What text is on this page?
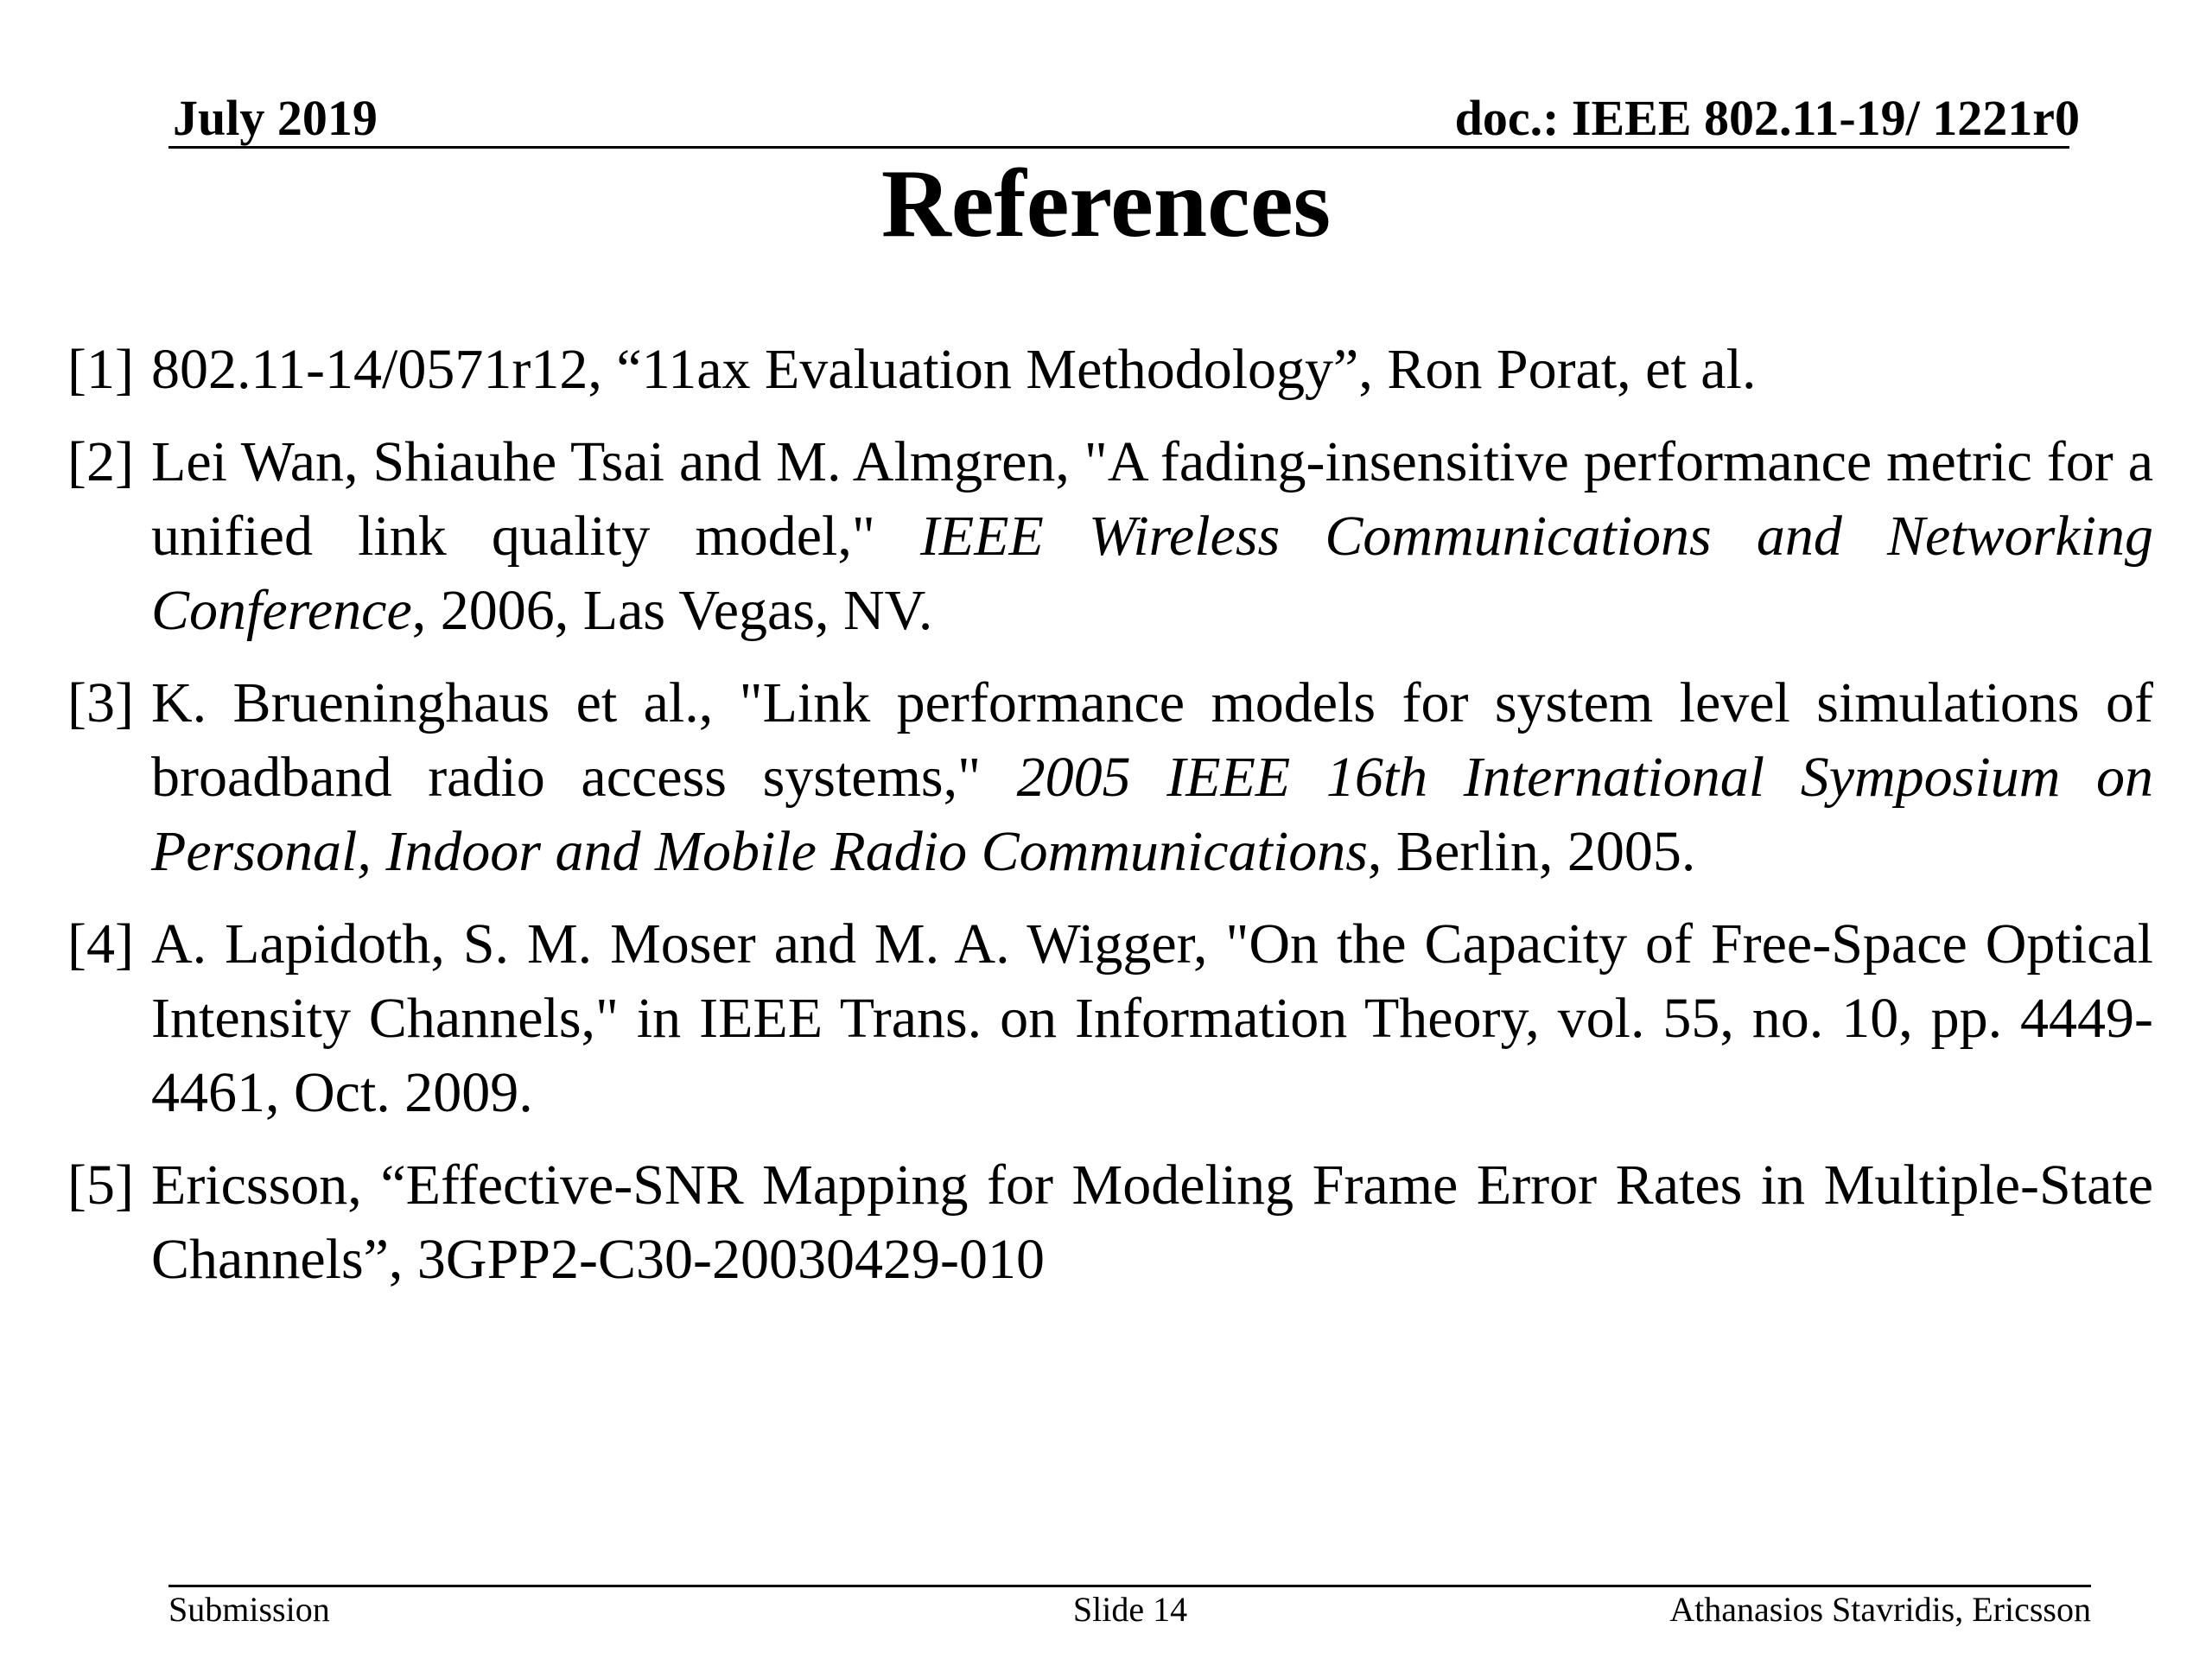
July 2019	doc.: IEEE 802.11-19/ 1221r0
References
[1] 802.11-14/0571r12, “11ax Evaluation Methodology”, Ron Porat, et al.
[2] Lei Wan, Shiauhe Tsai and M. Almgren, "A fading-insensitive performance metric for a unified link quality model," IEEE Wireless Communications and Networking Conference, 2006, Las Vegas, NV.
[3] K. Brueninghaus et al., "Link performance models for system level simulations of broadband radio access systems," 2005 IEEE 16th International Symposium on Personal, Indoor and Mobile Radio Communications, Berlin, 2005.
[4] A. Lapidoth, S. M. Moser and M. A. Wigger, "On the Capacity of Free-Space Optical Intensity Channels," in IEEE Trans. on Information Theory, vol. 55, no. 10, pp. 4449-4461, Oct. 2009.
[5] Ericsson, “Effective-SNR Mapping for Modeling Frame Error Rates in Multiple-State Channels”, 3GPP2-C30-20030429-010
Submission	Slide 14	Athanasios Stavridis, Ericsson
